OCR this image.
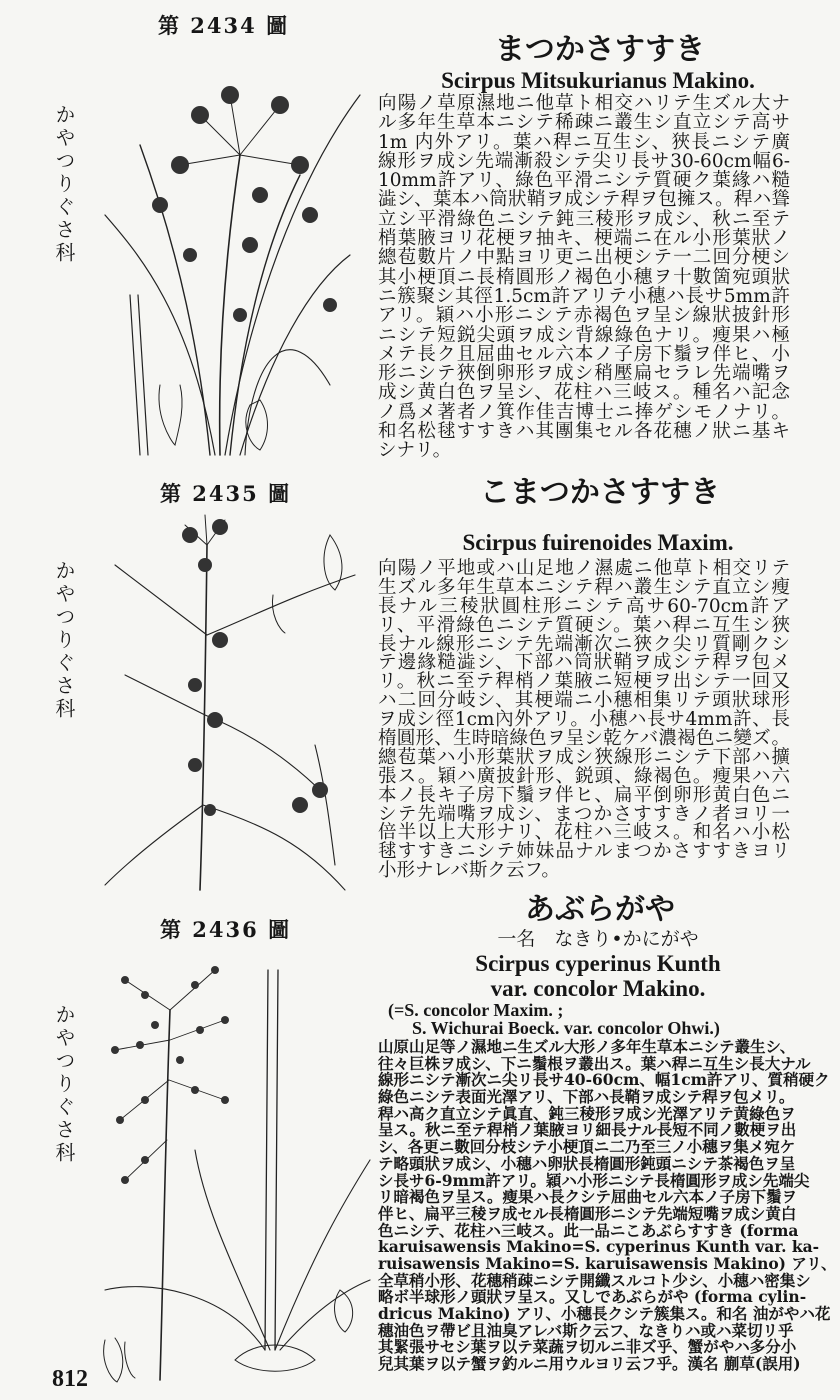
第 2434 圖
かやつりぐさ科
まつかさすすき
Scirpus Mitsukurianus Makino.
向陽ノ草原濕地ニ他草ト相交ハリテ生ズル大ナ
ル多年生草本ニシテ稀疎ニ叢生シ直立シテ高サ
1m 内外アリ。葉ハ稈ニ互生シ、狹長ニシテ廣
線形ヲ成シ先端漸殺シテ尖リ長サ30-60cm幅6-
10mm許アリ、綠色平滑ニシテ質硬ク葉緣ハ糙
澁シ、葉本ハ筒狀鞘ヲ成シテ稈ヲ包擁ス。稈ハ聳
立シ平滑綠色ニシテ鈍三稜形ヲ成シ、秋ニ至テ
梢葉腋ヨリ花梗ヲ抽キ、梗端ニ在ル小形葉狀ノ
總苞數片ノ中點ヨリ更ニ出梗シテ一二回分梗シ
其小梗頂ニ長楕圓形ノ褐色小穗ヲ十數箇宛頭狀
ニ簇聚シ其徑1.5cm許アリテ小穗ハ長サ5mm許
アリ。穎ハ小形ニシテ赤褐色ヲ呈シ線狀披針形
ニシテ短鋭尖頭ヲ成シ背線綠色ナリ。瘦果ハ極
メテ長ク且屈曲セル六本ノ子房下鬚ヲ伴ヒ、小
形ニシテ狹倒卵形ヲ成シ稍壓扁セラレ先端嘴ヲ
成シ黄白色ヲ呈シ、花柱ハ三岐ス。種名ハ記念
ノ爲メ著者ノ箕作佳吉博士ニ捧ゲシモノナリ。
和名松毬すすきハ其團集セル各花穗ノ狀ニ基キ
シナリ。
第 2435 圖
かやつりぐさ科
こまつかさすすき
Scirpus fuirenoides Maxim.
向陽ノ平地或ハ山足地ノ濕處ニ他草ト相交リテ
生ズル多年生草本ニシテ稈ハ叢生シテ直立シ瘦
長ナル三稜狀圓柱形ニシテ高サ60-70cm許ア
リ、平滑綠色ニシテ質硬シ。葉ハ稈ニ互生シ狹
長ナル線形ニシテ先端漸次ニ狹ク尖リ質剛クシ
テ邊緣糙澁シ、下部ハ筒狀鞘ヲ成シテ稈ヲ包メ
リ。秋ニ至テ稈梢ノ葉腋ニ短梗ヲ出シテ一回又
ハ二回分岐シ、其梗端ニ小穗相集リテ頭狀球形
ヲ成シ徑1cm內外アリ。小穗ハ長サ4mm許、長
楕圓形、生時暗綠色ヲ呈シ乾ケバ濃褐色ニ變ズ。
總苞葉ハ小形葉狀ヲ成シ狹線形ニシテ下部ハ擴
張ス。穎ハ廣披針形、鋭頭、綠褐色。瘦果ハ六
本ノ長キ子房下鬚ヲ伴ヒ、扁平倒卵形黄白色ニ
シテ先端嘴ヲ成シ、まつかさすすきノ者ヨリ一
倍半以上大形ナリ、花柱ハ三岐ス。和名ハ小松
毬すすきニシテ姉妹品ナルまつかさすすきヨリ
小形ナレバ斯ク云フ。
第 2436 圖
かやつりぐさ科
あぶらがや
一名　なきり•かにがや
Scirpus cyperinus Kunth
var. concolor Makino.
(=S. concolor Maxim. ;
S. Wichurai Boeck. var. concolor Ohwi.)
山原山足等ノ濕地ニ生ズル大形ノ多年生草本ニシテ叢生シ、
往々巨株ヲ成シ、下ニ鬚根ヲ叢出ス。葉ハ稈ニ互生シ長大ナル
線形ニシテ漸次ニ尖リ長サ40-60cm、幅1cm許アリ、質稍硬ク
綠色ニシテ表面光澤アリ、下部ハ長鞘ヲ成シテ稈ヲ包メリ。
稈ハ高ク直立シテ眞直、鈍三稜形ヲ成シ光澤アリテ黄綠色ヲ
呈ス。秋ニ至テ稈梢ノ葉腋ヨリ細長ナル長短不同ノ數梗ヲ出
シ、各更ニ數回分枝シテ小梗頂ニ二乃至三ノ小穗ヲ集メ宛ケ
テ略頭狀ヲ成シ、小穗ハ卵狀長楕圓形鈍頭ニシテ茶褐色ヲ呈
シ長サ6-9mm許アリ。穎ハ小形ニシテ長楕圓形ヲ成シ先端尖
リ暗褐色ヲ呈ス。瘦果ハ長クシテ屈曲セル六本ノ子房下鬚ヲ
伴ヒ、扁平三稜ヲ成セル長楕圓形ニシテ先端短嘴ヲ成シ黄白
色ニシテ、花柱ハ三岐ス。此一品ニこあぶらすすき (forma
karuisawensis Makino=S. cyperinus Kunth var. ka-
ruisawensis Makino=S. karuisawensis Makino) アリ、
全草稍小形、花穗稍疎ニシテ開纖スルコト少シ、小穗ハ密集シ
略ボ半球形ノ頭狀ヲ呈ス。又しであぶらがや (forma cylin-
dricus Makino) アリ、小穗長クシテ簇集ス。和名 油がやハ花
穗油色ヲ帶ビ且油臭アレバ斯ク云フ、なきりハ或ハ菜切リ乎
其緊張サセシ葉ヲ以テ菜蔬ヲ切ルニ非ズ乎、蟹がやハ多分小
兒其葉ヲ以テ蟹ヲ釣ルニ用ウルヨリ云フ乎。漢名 蒯草(誤用)
812
